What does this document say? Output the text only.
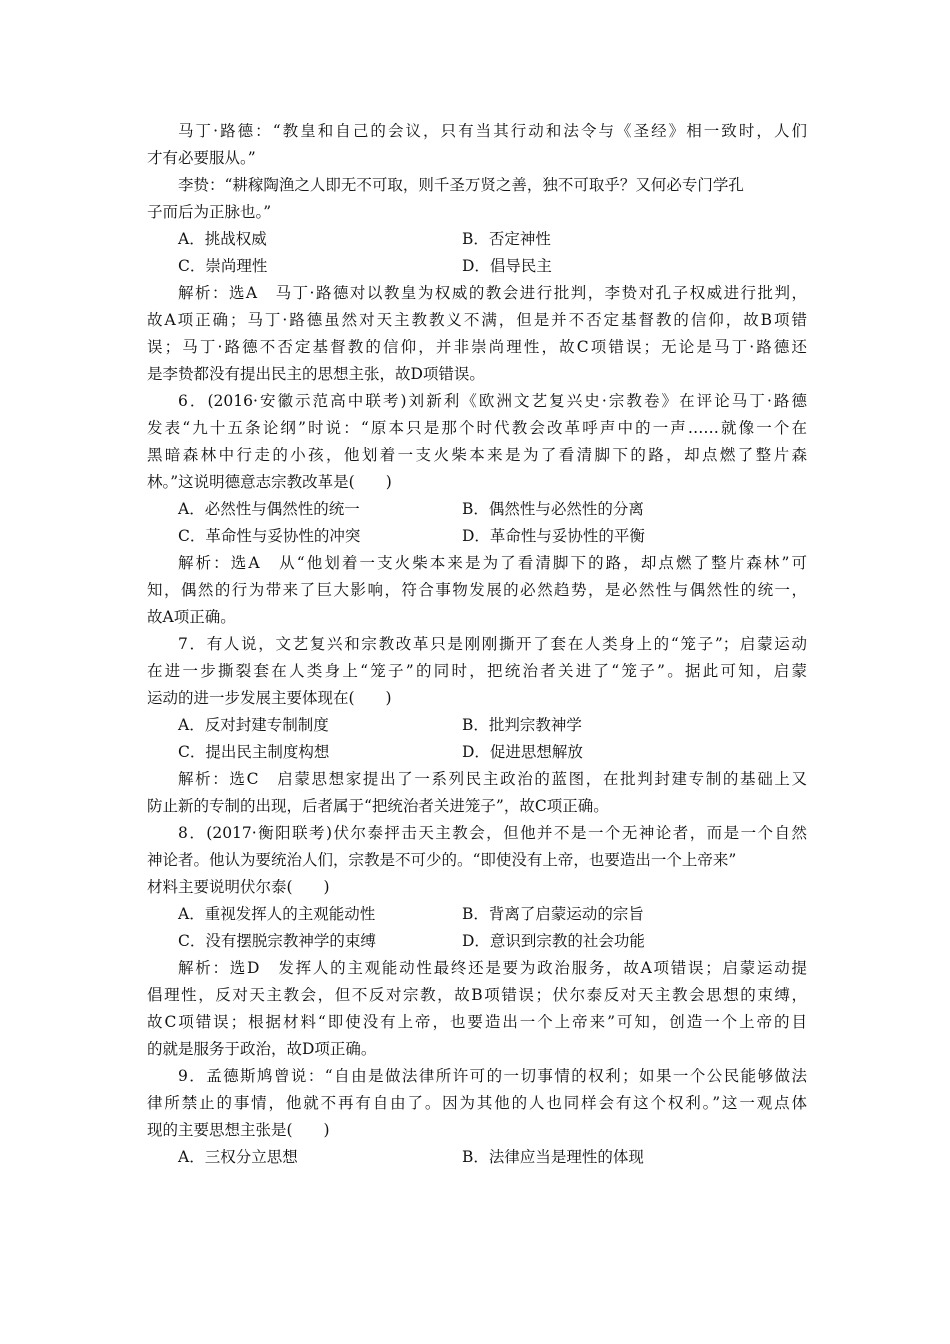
马丁·路德：“教皇和自己的会议，只有当其行动和法令与《圣经》相一致时，人们
才有必要服从。”
李贽：“耕稼陶渔之人即无不可取，则千圣万贤之善，独不可取乎？又何必专门学孔
子而后为正脉也。”
A．挑战权威	B．否定神性
C．崇尚理性	D．倡导民主
解析：选A　马丁·路德对以教皇为权威的教会进行批判，李贽对孔子权威进行批判，
故A项正确；马丁·路德虽然对天主教教义不满，但是并不否定基督教的信仰，故B项错
误；马丁·路德不否定基督教的信仰，并非崇尚理性，故C项错误；无论是马丁·路德还
是李贽都没有提出民主的思想主张，故D项错误。
6．(2016·安徽示范高中联考)刘新利《欧洲文艺复兴史·宗教卷》在评论马丁·路德
发表“九十五条论纲”时说：“原本只是那个时代教会改革呼声中的一声……就像一个在
黑暗森林中行走的小孩，他划着一支火柴本来是为了看清脚下的路，却点燃了整片森
林。”这说明德意志宗教改革是(　　)
A．必然性与偶然性的统一	B．偶然性与必然性的分离
C．革命性与妥协性的冲突	D．革命性与妥协性的平衡
解析：选A　从“他划着一支火柴本来是为了看清脚下的路，却点燃了整片森林”可
知，偶然的行为带来了巨大影响，符合事物发展的必然趋势，是必然性与偶然性的统一，
故A项正确。
7．有人说，文艺复兴和宗教改革只是刚刚撕开了套在人类身上的“笼子”；启蒙运动
在进一步撕裂套在人类身上“笼子”的同时，把统治者关进了“笼子”。据此可知，启蒙
运动的进一步发展主要体现在(　　)
A．反对封建专制制度	B．批判宗教神学
C．提出民主制度构想	D．促进思想解放
解析：选C　启蒙思想家提出了一系列民主政治的蓝图，在批判封建专制的基础上又
防止新的专制的出现，后者属于“把统治者关进笼子”，故C项正确。
8．(2017·衡阳联考)伏尔泰抨击天主教会，但他并不是一个无神论者，而是一个自然
神论者。他认为要统治人们，宗教是不可少的。“即使没有上帝，也要造出一个上帝来”
材料主要说明伏尔泰(　　)
A．重视发挥人的主观能动性	B．背离了启蒙运动的宗旨
C．没有摆脱宗教神学的束缚	D．意识到宗教的社会功能
解析：选D　发挥人的主观能动性最终还是要为政治服务，故A项错误；启蒙运动提
倡理性，反对天主教会，但不反对宗教，故B项错误；伏尔泰反对天主教会思想的束缚，
故C项错误；根据材料“即使没有上帝，也要造出一个上帝来”可知，创造一个上帝的目
的就是服务于政治，故D项正确。
9．孟德斯鸠曾说：“自由是做法律所许可的一切事情的权利；如果一个公民能够做法
律所禁止的事情，他就不再有自由了。因为其他的人也同样会有这个权利。”这一观点体
现的主要思想主张是(　　)
A．三权分立思想	B．法律应当是理性的体现
